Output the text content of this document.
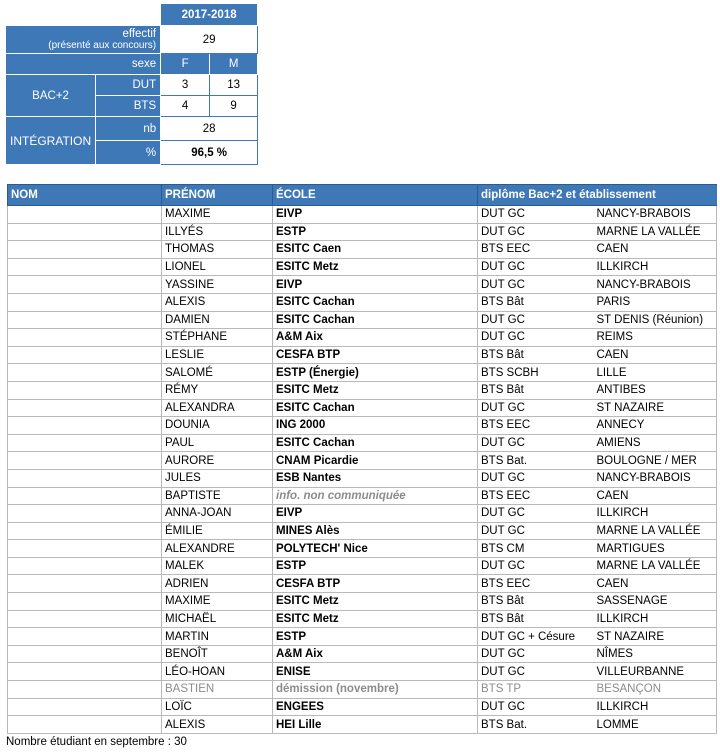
		2017-2018	

effectif
(présenté aux concours)		29	
sexe		F	M
BAC+2	DUT	3	13
	BTS	4	9
INTÉGRATION	nb	28	
	%	96,5 %	
NOM	PRÉNOM	ÉCOLE	diplôme Bac+2 et établissement	
	MAXIME	EIVP	DUT GC	NANCY-BRABOIS
	ILLYÉS	ESTP	DUT GC	MARNE LA VALLÉE
	THOMAS	ESITC Caen	BTS EEC	CAEN
	LIONEL	ESITC Metz	DUT GC	ILLKIRCH
	YASSINE	EIVP	DUT GC	NANCY-BRABOIS
	ALEXIS	ESITC Cachan	BTS Bât	PARIS
	DAMIEN	ESITC Cachan	DUT GC	ST DENIS (Réunion)
	STÉPHANE	A&M Aix	DUT GC	REIMS
	LESLIE	CESFA BTP	BTS Bât	CAEN
	SALOMÉ	ESTP (Énergie)	BTS SCBH	LILLE
	RÉMY	ESITC Metz	BTS Bât	ANTIBES
	ALEXANDRA	ESITC Cachan	DUT GC	ST NAZAIRE
	DOUNIA	ING 2000	BTS EEC	ANNECY
	PAUL	ESITC Cachan	DUT GC	AMIENS
	AURORE	CNAM Picardie	BTS Bat.	BOULOGNE / MER
	JULES	ESB Nantes	DUT GC	NANCY-BRABOIS
	BAPTISTE	info. non communiquée	BTS EEC	CAEN
	ANNA-JOAN	EIVP	DUT GC	ILLKIRCH
	ÉMILIE	MINES Alès	DUT GC	MARNE LA VALLÉE
	ALEXANDRE	POLYTECH' Nice	BTS CM	MARTIGUES
	MALEK	ESTP	DUT GC	MARNE LA VALLÉE
	ADRIEN	CESFA BTP	BTS EEC	CAEN
	MAXIME	ESITC Metz	BTS Bât	SASSENAGE
	MICHAËL	ESITC Metz	BTS Bât	ILLKIRCH
	MARTIN	ESTP	DUT GC + Césure	ST NAZAIRE
	BENOÎT	A&M Aix	DUT GC	NÎMES
	LÉO-HOAN	ENISE	DUT GC	VILLEURBANNE
	BASTIEN	démission (novembre)	BTS TP	BESANÇON
	LOÏC	ENGEES	DUT GC	ILLKIRCH
	ALEXIS	HEI Lille	BTS Bat.	LOMME
Nombre étudiant en septembre : 30
